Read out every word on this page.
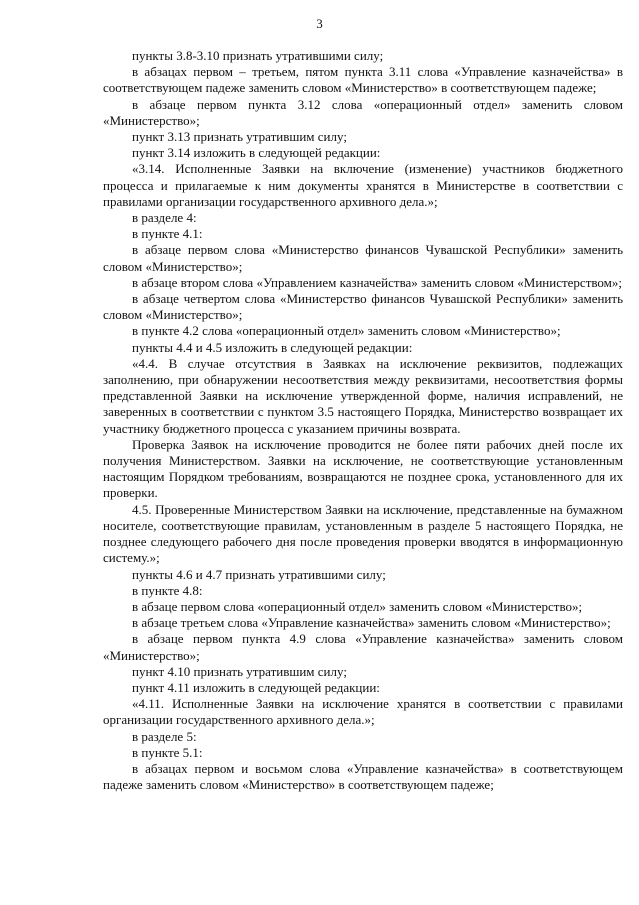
3

пункты 3.8-3.10 признать утратившими силу;

в абзацах первом – третьем, пятом пункта 3.11 слова «Управление казначейства» в соответствующем падеже заменить словом «Министерство» в соответствующем падеже;

в абзаце первом пункта 3.12 слова «операционный отдел» заменить словом «Министерство»;

пункт 3.13 признать утратившим силу;

пункт 3.14 изложить в следующей редакции:

«3.14. Исполненные Заявки на включение (изменение) участников бюджетного процесса и прилагаемые к ним документы хранятся в Министерстве в соответствии с правилами организации государственного архивного дела.»;

в разделе 4:

в пункте 4.1:

в абзаце первом слова «Министерство финансов Чувашской Республики» заменить словом «Министерство»;

в абзаце втором слова «Управлением казначейства» заменить словом «Министерством»;

в абзаце четвертом слова «Министерство финансов Чувашской Республики» заменить словом «Министерство»;

в пункте 4.2 слова «операционный отдел» заменить словом «Министерство»;

пункты 4.4 и 4.5 изложить в следующей редакции:

«4.4. В случае отсутствия в Заявках на исключение реквизитов, подлежащих заполнению, при обнаружении несоответствия между реквизитами, несоответствия формы представленной Заявки на исключение утвержденной форме, наличия исправлений, не заверенных в соответствии с пунктом 3.5 настоящего Порядка, Министерство возвращает их участнику бюджетного процесса с указанием причины возврата.

Проверка Заявок на исключение проводится не более пяти рабочих дней после их получения Министерством. Заявки на исключение, не соответствующие установленным настоящим Порядком требованиям, возвращаются не позднее срока, установленного для их проверки.

4.5. Проверенные Министерством Заявки на исключение, представленные на бумажном носителе, соответствующие правилам, установленным в разделе 5 настоящего Порядка, не позднее следующего рабочего дня после проведения проверки вводятся в информационную систему.»;

пункты 4.6 и 4.7 признать утратившими силу;

в пункте 4.8:

в абзаце первом слова «операционный отдел» заменить словом «Министерство»;

в абзаце третьем слова «Управление казначейства» заменить словом «Министерство»;

в абзаце первом пункта 4.9 слова «Управление казначейства» заменить словом «Министерство»;

пункт 4.10 признать утратившим силу;

пункт 4.11 изложить в следующей редакции:

«4.11. Исполненные Заявки на исключение хранятся в соответствии с правилами организации государственного архивного дела.»;

в разделе 5:

в пункте 5.1:

в абзацах первом и восьмом слова «Управление казначейства» в соответствующем падеже заменить словом «Министерство» в соответствующем падеже;
